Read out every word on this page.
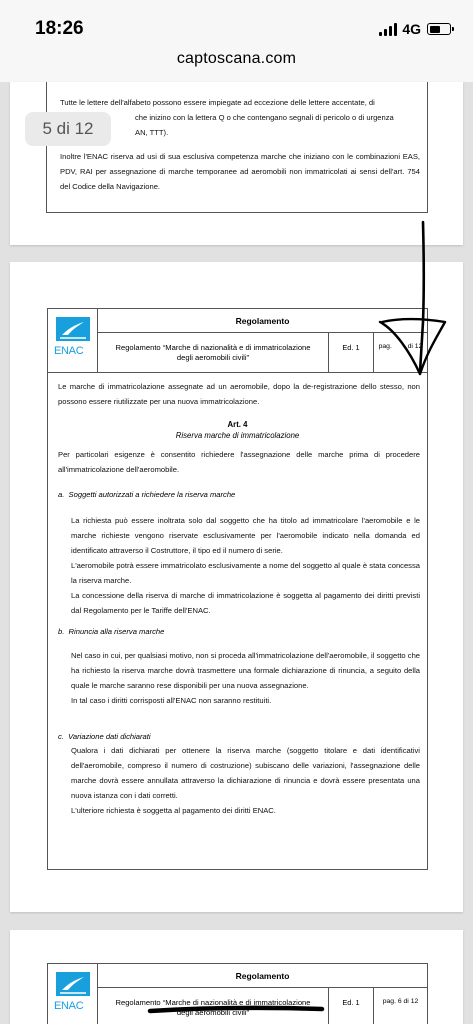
18:26	4G
captoscana.com
Tutte le lettere dell'alfabeto possono essere impiegate ad eccezione delle lettere accentate, di
che inizino con la lettera Q o che contengano segnali di pericolo o di urgenza
AN, TTT).
Inoltre l'ENAC riserva ad usi di sua esclusiva competenza marche che iniziano con le combinazioni EAS, PDV, RAI per assegnazione di marche temporanee ad aeromobili non immatricolati ai sensi dell'art. 754 del Codice della Navigazione.
5 di 12
ENAC
Regolamento
Regolamento “Marche di nazionalità e di immatricolazione
degli aeromobili civili”
Ed. 1	pag. di 12
Le marche di immatricolazione assegnate ad un aeromobile, dopo la de-registrazione dello stesso, non possono essere riutilizzate per una nuova immatricolazione.
Art. 4
Riserva marche di immatricolazione
Per particolari esigenze è consentito richiedere l'assegnazione delle marche prima di procedere all'immatricolazione dell'aeromobile.
a.  Soggetti autorizzati a richiedere la riserva marche
La richiesta può essere inoltrata solo dal soggetto che ha titolo ad immatricolare l'aeromobile e le marche richieste vengono riservate esclusivamente per l'aeromobile indicato nella domanda ed identificato attraverso il Costruttore, il tipo ed il numero di serie.
L'aeromobile potrà essere immatricolato esclusivamente a nome del soggetto al quale è stata concessa la riserva marche.
La concessione della riserva di marche di immatricolazione è soggetta al pagamento dei diritti previsti dal Regolamento per le Tariffe dell'ENAC.
b.  Rinuncia alla riserva marche
Nel caso in cui, per qualsiasi motivo, non si proceda all'immatricolazione dell'aeromobile, il soggetto che ha richiesto la riserva marche dovrà trasmettere una formale dichiarazione di rinuncia, a seguito della quale le marche saranno rese disponibili per una nuova assegnazione.
In tal caso i diritti corrisposti all'ENAC non saranno restituiti.
c.  Variazione dati dichiarati
Qualora i dati dichiarati per ottenere la riserva marche (soggetto titolare e dati identificativi dell'aeromobile, compreso il numero di costruzione) subiscano delle variazioni, l'assegnazione delle marche dovrà essere annullata attraverso la dichiarazione di rinuncia e dovrà essere presentata una nuova istanza con i dati corretti.
L'ulteriore richiesta è soggetta al pagamento dei diritti ENAC.
ENAC
Regolamento
Regolamento “Marche di nazionalità e di immatricolazione
degli aeromobili civili”
Ed. 1	pag. 6 di 12
